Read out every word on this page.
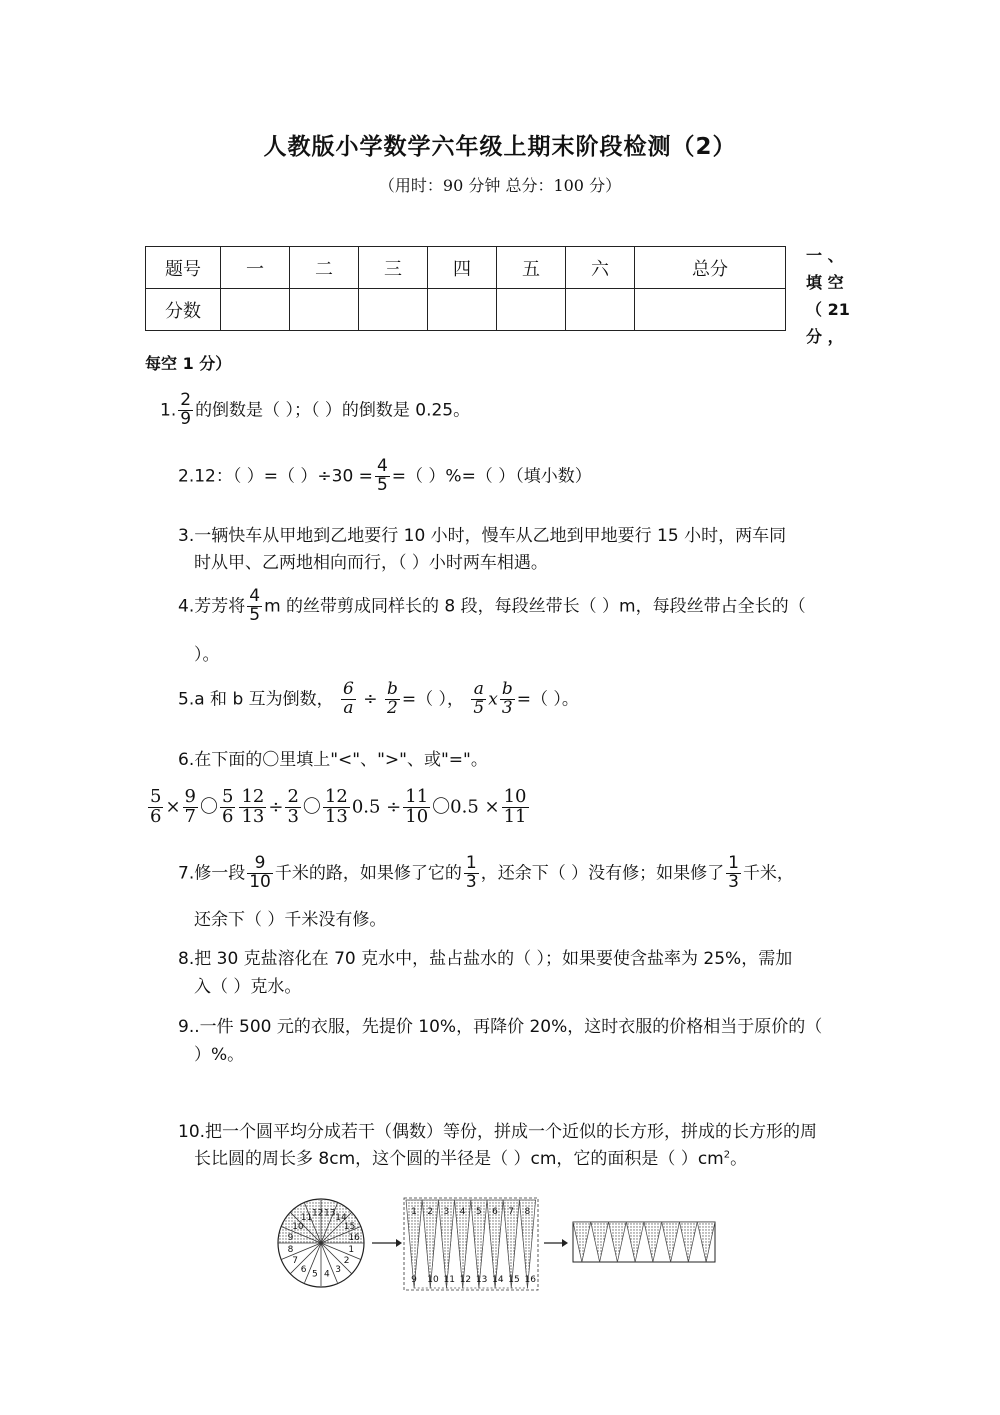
人教版小学数学六年级上期末阶段检测（2）
（用时：90 分钟 总分：100 分）
题号	一	二	三	四	五	六	总分
分数							
一 、
填 空
（ 21
分 ，
每空 1 分）
1. $\frac{2}{9}$ 的倒数是（ ）；（ ）的倒数是 0.25。
2.12：（ ）=（ ）$\div 30 = \frac{4}{5}$ =（ ）%=（ ）（填小数）
3.一辆快车从甲地到乙地要行 10 小时，慢车从乙地到甲地要行 15 小时，两车同
时从甲、乙两地相向而行，（ ）小时两车相遇。
4.芳芳将 $\frac{4}{5}$ m 的丝带剪成同样长的 8 段，每段丝带长（ ）m，每段丝带占全长的（
）。
5.a 和 b 互为倒数， $\frac{6}{a} \div \frac{b}{2}$ =（ ）， $\frac{a}{5}$ x $\frac{b}{3}$ =（ ）。
6.在下面的〇里填上"<"、">"、或"="。
$\frac{5}{6} \times \frac{9}{7}$ 〇 $\frac{5}{6} \frac{12}{13} \div \frac{2}{3}$ 〇 $\frac{12}{13} 0.5 \div \frac{11}{10}$ 〇$0.5 \times \frac{10}{11}$
7.修一段 $\frac{9}{10}$ 千米的路，如果修了它的 $\frac{1}{3}$ ，还余下（ ）没有修；如果修了 $\frac{1}{3}$ 千米，
还余下（ ）千米没有修。
8.把 30 克盐溶化在 70 克水中，盐占盐水的（ ）；如果要使含盐率为 25%，需加
入（ ）克水。
9..一件 500 元的衣服，先提价 10%，再降价 20%，这时衣服的价格相当于原价的（
）%。
10.把一个圆平均分成若干（偶数）等份，拼成一个近似的长方形，拼成的长方形的周
长比圆的周长多 8cm，这个圆的半径是（ ）cm，它的面积是（ ）$cm^2$。
1
2
3
4
5
6
7
8
9
10
11 12 13 14
15
16
1
9
2
10
3
11
4
12
5
13
6
14
7
15
8
16
